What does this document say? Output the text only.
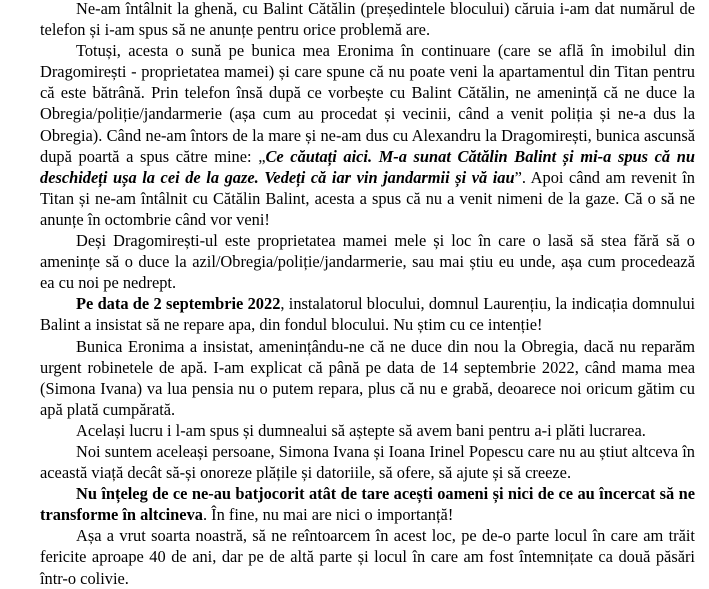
Ne-am întâlnit la ghenă, cu Balint Cătălin (președintele blocului) căruia i-am dat numărul de telefon și i-am spus să ne anunțe pentru orice problemă are.

Totuși, acesta o sună pe bunica mea Eronima în continuare (care se află în imobilul din Dragomirești - proprietatea mamei) și care spune că nu poate veni la apartamentul din Titan pentru că este bătrână. Prin telefon însă după ce vorbește cu Balint Cătălin, ne amenință că ne duce la Obregia/poliție/jandarmerie (așa cum au procedat și vecinii, când a venit poliția și ne-a dus la Obregia). Când ne-am întors de la mare și ne-am dus cu Alexandru la Dragomirești, bunica ascunsă după poartă a spus către mine: „Ce căutați aici. M-a sunat Cătălin Balint și mi-a spus că nu deschideți ușa la cei de la gaze. Vedeți că iar vin jandarmii și vă iau”. Apoi când am revenit în Titan și ne-am întâlnit cu Cătălin Balint, acesta a spus că nu a venit nimeni de la gaze. Că o să ne anunțe în octombrie când vor veni!

Deși Dragomirești-ul este proprietatea mamei mele și loc în care o lasă să stea fără să o amenințe să o duce la azil/Obregia/poliție/jandarmerie, sau mai știu eu unde, așa cum procedează ea cu noi pe nedrept.

Pe data de 2 septembrie 2022, instalatorul blocului, domnul Laurențiu, la indicația domnului Balint a insistat să ne repare apa, din fondul blocului. Nu știm cu ce intenție!

Bunica Eronima a insistat, amenințându-ne că ne duce din nou la Obregia, dacă nu reparăm urgent robinetele de apă. I-am explicat că până pe data de 14 septembrie 2022, când mama mea (Simona Ivana) va lua pensia nu o putem repara, plus că nu e grabă, deoarece noi oricum gătim cu apă plată cumpărată.

Același lucru i l-am spus și dumnealui să aștepte să avem bani pentru a-i plăti lucrarea.

Noi suntem aceleași persoane, Simona Ivana și Ioana Irinel Popescu care nu au știut altceva în această viață decât să-și onoreze plățile și datoriile, să ofere, să ajute și să creeze.

Nu înțeleg de ce ne-au batjocorit atât de tare acești oameni și nici de ce au încercat să ne transforme în altcineva. În fine, nu mai are nici o importanță!

Așa a vrut soarta noastră, să ne reîntoarcem în acest loc, pe de-o parte locul în care am trăit fericite aproape 40 de ani, dar pe de altă parte și locul în care am fost întemnițate ca două păsări într-o colivie.
